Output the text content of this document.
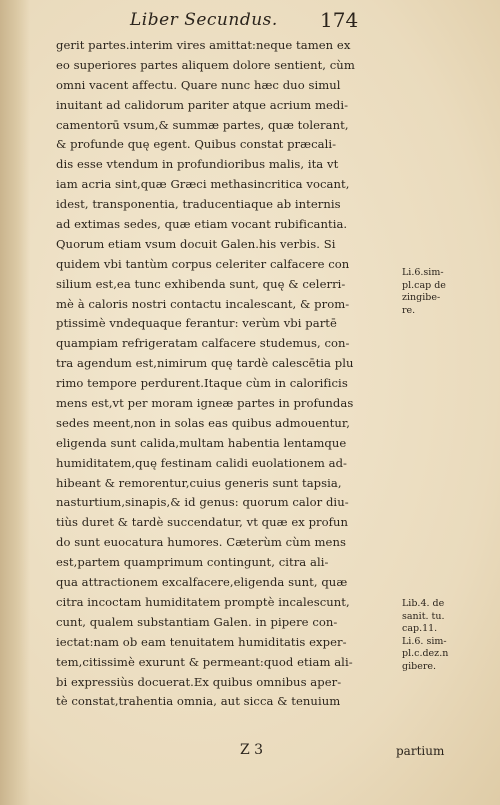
Liber Secundus. 174
gerit partes.interim vires amittat:neque tamen ex
eo superiores partes aliquem dolore sentient, cùm
omni vacent affectu. Quare nunc hæc duo simul
inuitant ad calidorum pariter atque acrium medi-
camentorū vsum,& summæ partes, quæ tolerant,
& profunde quę egent. Quibus constat præcali-
dis esse vtendum in profundioribus malis, ita vt
iam acria sint,quæ Græci methasincritica vocant,
idest, transponentia, traducentiaque ab internis
ad extimas sedes, quæ etiam vocant rubificantia.
Quorum etiam vsum docuit Galen.his verbis. Si
quidem vbi tantùm corpus celeriter calfacere con
silium est,ea tunc exhibenda sunt, quę & celerri-
mè à caloris nostri contactu incalescant, & prom-
ptissimè vndequaque ferantur: verùm vbi partē
quampiam refrigeratam calfacere studemus, con-
tra agendum est,nimirum quę tardè calescētia plu
rimo tempore perdurent.Itaque cùm in calorificis
mens est,vt per moram igneæ partes in profundas
sedes meent,non in solas eas quibus admouentur,
eligenda sunt calida,multam habentia lentamque
humiditatem,quę festinam calidi euolationem ad-
hibeant & remorentur,cuius generis sunt tapsia,
nasturtium,sinapis,& id genus: quorum calor diu-
tiùs duret & tardè succendatur, vt quæ ex profun
do sunt euocatura humores. Cæterùm cùm mens
est,partem quamprimum contingunt, citra ali-
qua attractionem excalfacere,eligenda sunt, quæ
citra incoctam humiditatem promptè incalescunt,
cunt, qualem substantiam Galen. in pipere con-
iectat:nam ob eam tenuitatem humiditatis exper-
tem,citissimè exurunt & permeant:quod etiam ali-
bi expressiùs docuerat.Ex quibus omnibus aper-
tè constat,trahentia omnia, aut sicca & tenuium
Li.6.sim-
pl.cap de
zingibe-
re.
Lib.4. de
sanit. tu.
cap.11.
Li.6. sim-
pl.c.dez.n
gibere.
Z 3	partium
